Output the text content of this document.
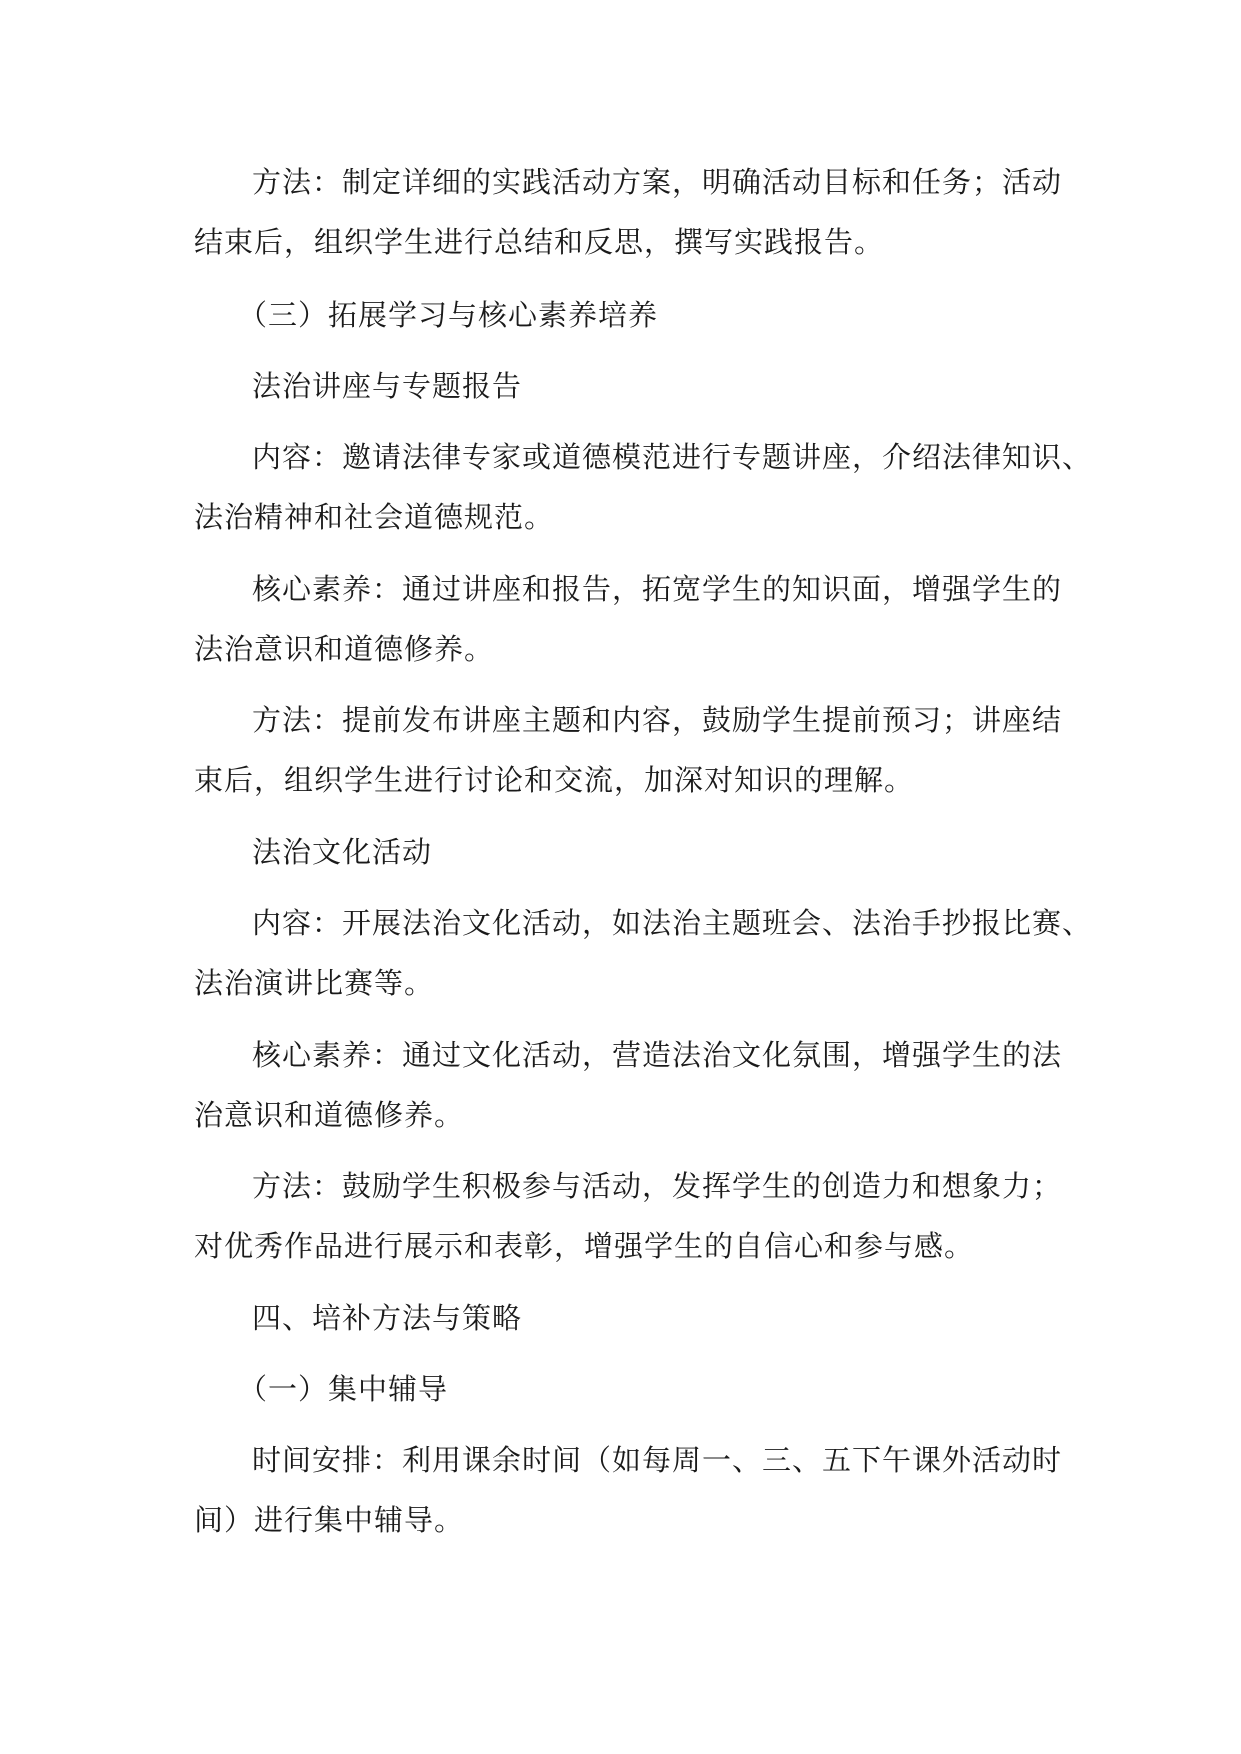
方法：制定详细的实践活动方案，明确活动目标和任务；活动
结束后，组织学生进行总结和反思，撰写实践报告。
（三）拓展学习与核心素养培养
法治讲座与专题报告
内容：邀请法律专家或道德模范进行专题讲座，介绍法律知识、
法治精神和社会道德规范。
核心素养：通过讲座和报告，拓宽学生的知识面，增强学生的
法治意识和道德修养。
方法：提前发布讲座主题和内容，鼓励学生提前预习；讲座结
束后，组织学生进行讨论和交流，加深对知识的理解。
法治文化活动
内容：开展法治文化活动，如法治主题班会、法治手抄报比赛、
法治演讲比赛等。
核心素养：通过文化活动，营造法治文化氛围，增强学生的法
治意识和道德修养。
方法：鼓励学生积极参与活动，发挥学生的创造力和想象力；
对优秀作品进行展示和表彰，增强学生的自信心和参与感。
四、培补方法与策略
（一）集中辅导
时间安排：利用课余时间（如每周一、三、五下午课外活动时
间）进行集中辅导。
